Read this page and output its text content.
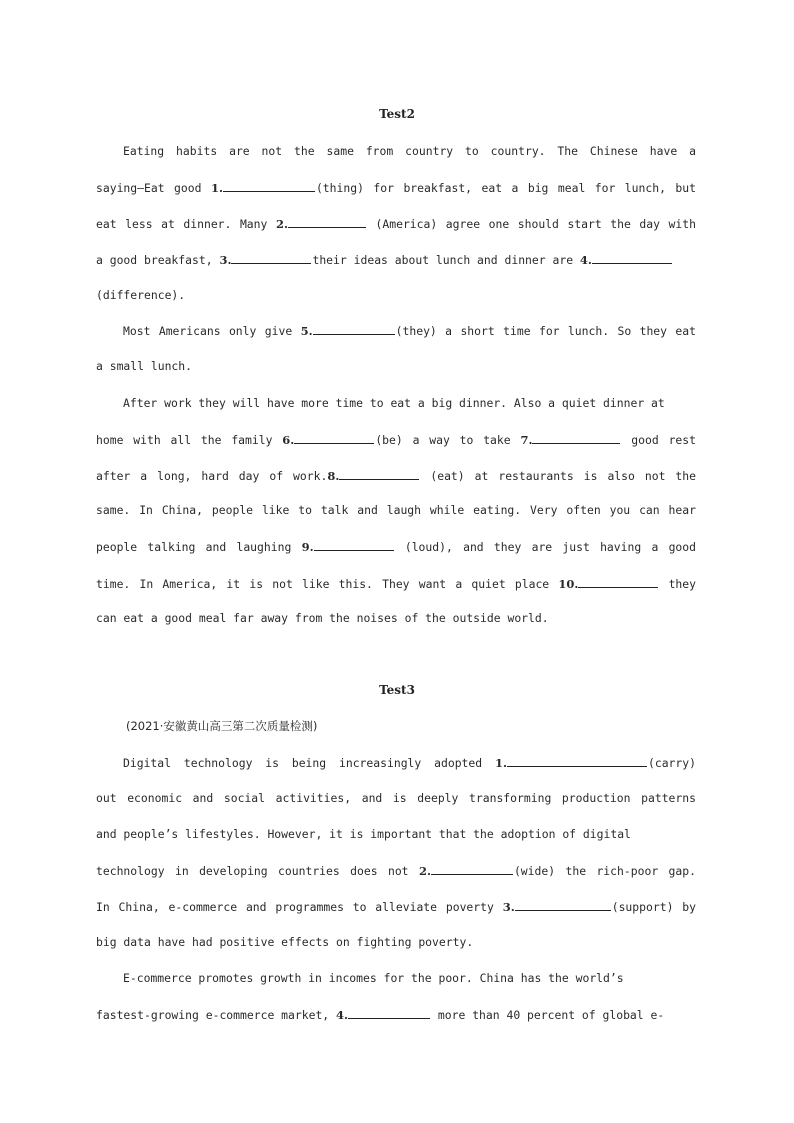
Test2
Eating habits are not the same from country to country. The Chinese have a
saying—Eat good 1.	(thing) for breakfast, eat a big meal for lunch, but
eat less at dinner. Many 2.	(America) agree one should start the day with
a good breakfast, 3.	their ideas about lunch and dinner are 4.
(difference).
Most Americans only give 5.	(they) a short time for lunch. So they eat
a small lunch.
After work they will have more time to eat a big dinner. Also a quiet dinner at
home with all the family 6.	(be) a way to take 7.	good rest
after a long, hard day of work.8.	(eat) at restaurants is also not the
same. In China, people like to talk and laugh while eating. Very often you can hear
people talking and laughing 9.	(loud), and they are just having a good
time. In America, it is not like this. They want a quiet place 10.	they
can eat a good meal far away from the noises of the outside world.
Test3
(2021·安徽黄山高三第二次质量检测)
Digital technology is being increasingly adopted 1.	(carry)
out economic and social activities, and is deeply transforming production patterns
and people’s lifestyles. However, it is important that the adoption of digital
technology in developing countries does not 2.	(wide) the rich-poor gap.
In China, e-commerce and programmes to alleviate poverty 3.	(support) by
big data have had positive effects on fighting poverty.
E-commerce promotes growth in incomes for the poor. China has the world’s
fastest-growing e-commerce market, 4.	more than 40 percent of global e-
